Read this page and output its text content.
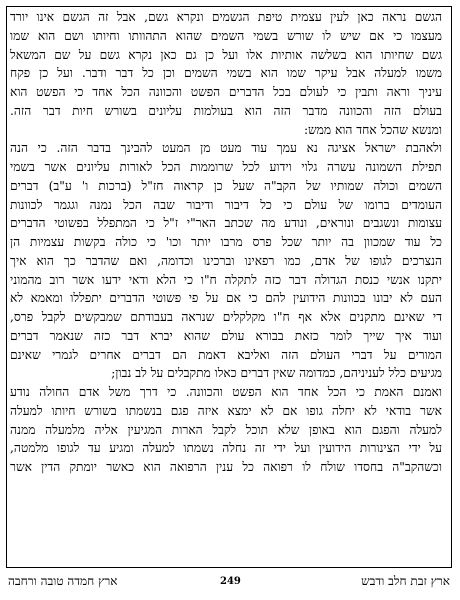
הגשם נראה כאן לעין עצמית טיפת הגשמים ונקרא גשם, אבל זה הגשם אינו יורד
מעצמו כי אם שיש לו שורש בשמי השמים שהוא התהוותו וחיותו ושם הוא שמו
גשם שחיותו הוא בשלשה אותיות אלו ועל כן גם כאן נקרא גשם על שם המשאל
משמו למעלה אבל עיקר שמו הוא בשמי השמים וכן כל דבר ודבר. ועל כן פקח
עיניך וראה ותבין כי לעולם בכל הדברים הפשט והכוונה הכל אחד כי הפשט הוא
בעולם הזה והכוונה מדבר הזה הוא בעולמות עליונים בשורש חיות דבר הזה.
ומנשא שהכל אחד הוא ממש:
ולאהבת ישראל אציגה נא עמך עוד מעט מן המעט להבינך בדבר הזה. כי הנה
תפילת השמונה עשרה גלוי וידוע לכל שרוממות הכל לאורות עליונים אשר בשמי
השמים וכולה שמותיו של הקב"ה שעל כן קראוה חז"ל (ברכות ו' ע"ב) דברים
העומדים ברומו של עולם כי כל דיבור ודיבור שבה הכל נמנה וגגמר לכוונות
עצומות ונשגבים ונוראים, ונודע מה שכתב האר"י ז"ל כי המתפלל בפשוטי הדברים
כל עוד שמכוון בה יותר שכל פרס מרבו יותר וכו' כי כולה בקשות עצמיות הן
הנצרכים לגופו של אדם, כמו רפאינו וברכינו וכדומה, ואם שהדבר כך הוא איך
יתקנו אנשי כנסת הגדולה דבר כזה לתקלה ח"ו כי הלא ודאי ידעו אשר רוב מהמוני
העם לא יבונו בכוונות הידועין להם כי אם על פי פשוטי הדברים יתפללו ומאמא לא
די שאינם מתקנים אלא אף ח"ו מקלקלים שנראה בעבודתם שמבקשים לקבל פרס,
ועוד איך שייך לומר כזאת בבורא עולם שהוא יברא דבר כזה שנאמר דברים
המורים על דברי העולם הזה ואליבא דאמת הם דברים אחרים לגמרי שאינם
מגיעים כלל לעניניהם, כמדומה שאין דברים כאלו מתקבלים על לב נבון;
ואמנם האמת כי הכל אחד הוא הפשט והכוונה. כי דרך משל אדם החולה נודע
אשר בודאי לא יחלה גופו אם לא ימצא איזה פגם בנשמתו בשורש חיותו למעלה
למעלה והפגם הוא באופן שלא תוכל לקבל הארות המגיעין אליה מלמעלה ממנה
על ידי הצינורות הידועין ועל ידי זה נחלה נשמתו למעלה ומגיע עד לגופו מלמטה,
וכשהקב"ה בחסדו שולח לו רפואה כל ענין הרפואה הוא כאשר יומתק הדין אשר
ארץ זבת חלב ודבש
249
ארץ חמדה טובה ורחבה
